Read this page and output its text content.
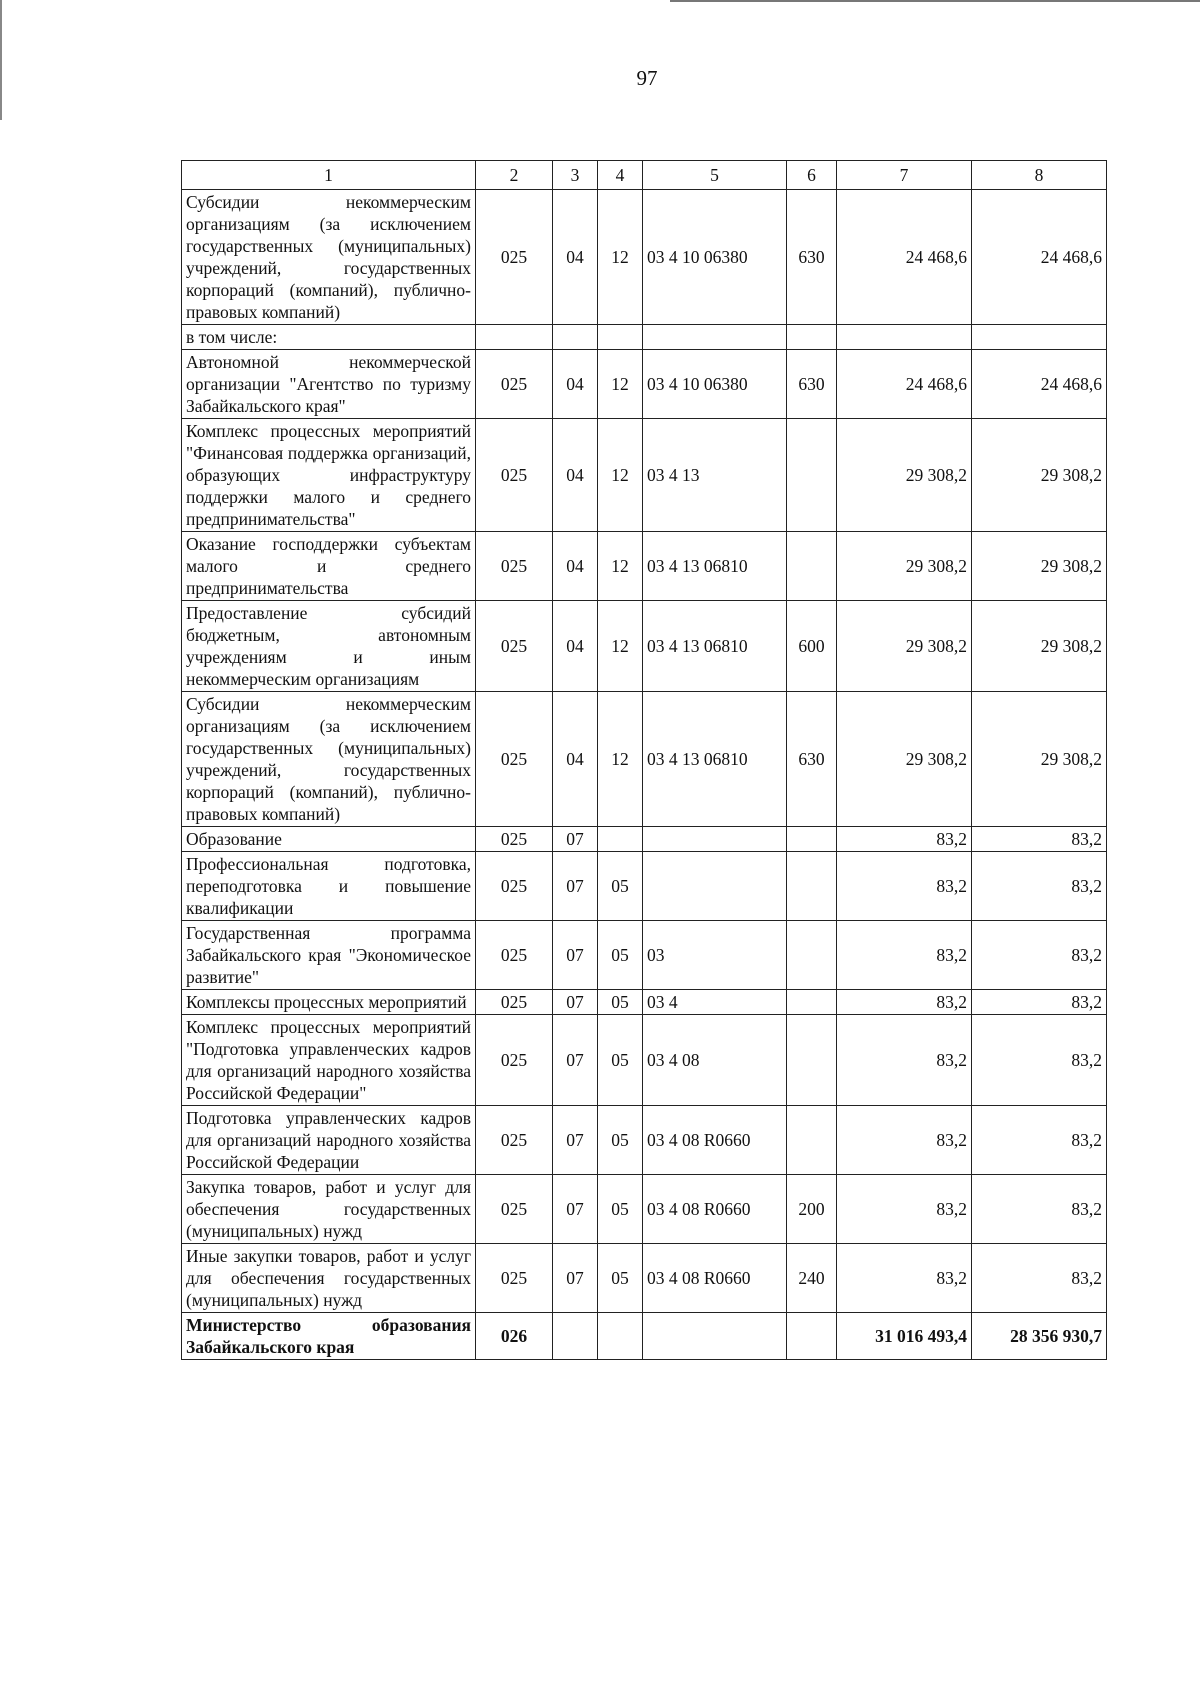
97
1	2	3	4	5	6	7	8
Субсидии некоммерческим организациям (за исключением государственных (муниципальных) учреждений, государственных корпораций (компаний), публично-правовых компаний)	025	04	12	03 4 10 06380	630	24 468,6	24 468,6
в том числе:							
Автономной некоммерческой организации "Агентство по туризму Забайкальского края"	025	04	12	03 4 10 06380	630	24 468,6	24 468,6
Комплекс процессных мероприятий "Финансовая поддержка организаций, образующих инфраструктуру поддержки малого и среднего предпринимательства"	025	04	12	03 4 13		29 308,2	29 308,2
Оказание господдержки субъектам малого и среднего предпринимательства	025	04	12	03 4 13 06810		29 308,2	29 308,2
Предоставление субсидий бюджетным, автономным учреждениям и иным некоммерческим организациям	025	04	12	03 4 13 06810	600	29 308,2	29 308,2
Субсидии некоммерческим организациям (за исключением государственных (муниципальных) учреждений, государственных корпораций (компаний), публично-правовых компаний)	025	04	12	03 4 13 06810	630	29 308,2	29 308,2
Образование	025	07				83,2	83,2
Профессиональная подготовка, переподготовка и повышение квалификации	025	07	05			83,2	83,2
Государственная программа Забайкальского края "Экономическое развитие"	025	07	05	03		83,2	83,2
Комплексы процессных мероприятий	025	07	05	03 4		83,2	83,2
Комплекс процессных мероприятий "Подготовка управленческих кадров для организаций народного хозяйства Российской Федерации"	025	07	05	03 4 08		83,2	83,2
Подготовка управленческих кадров для организаций народного хозяйства Российской Федерации	025	07	05	03 4 08 R0660		83,2	83,2
Закупка товаров, работ и услуг для обеспечения государственных (муниципальных) нужд	025	07	05	03 4 08 R0660	200	83,2	83,2
Иные закупки товаров, работ и услуг для обеспечения государственных (муниципальных) нужд	025	07	05	03 4 08 R0660	240	83,2	83,2
Министерство образования Забайкальского края	026					31 016 493,4	28 356 930,7
